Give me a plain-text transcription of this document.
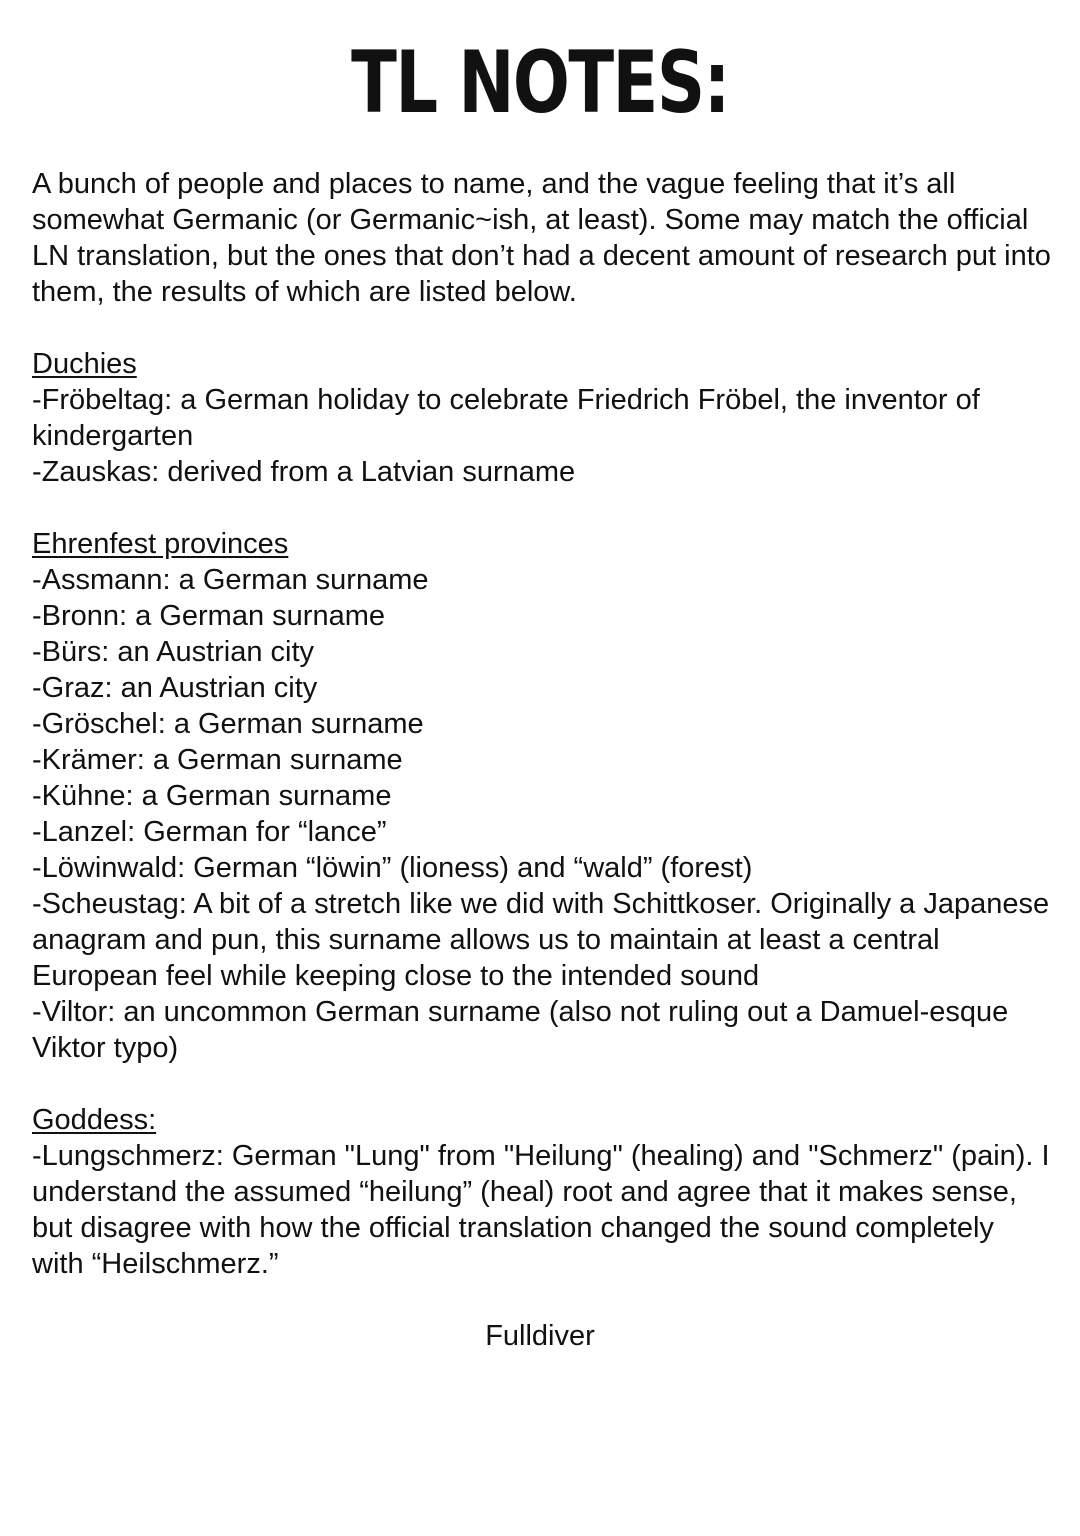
TL NOTES:

A bunch of people and places to name, and the vague feeling that it’s all somewhat Germanic (or Germanic~ish, at least). Some may match the official LN translation, but the ones that don’t had a decent amount of research put into them, the results of which are listed below.

Duchies
-Fröbeltag: a German holiday to celebrate Friedrich Fröbel, the inventor of kindergarten
-Zauskas: derived from a Latvian surname
Ehrenfest provinces
-Assmann: a German surname
-Bronn: a German surname
-Bürs: an Austrian city
-Graz: an Austrian city
-Gröschel: a German surname
-Krämer: a German surname
-Kühne: a German surname
-Lanzel: German for “lance”
-Löwinwald: German “löwin” (lioness) and “wald” (forest)
-Scheustag: A bit of a stretch like we did with Schittkoser. Originally a Japanese anagram and pun, this surname allows us to maintain at least a central European feel while keeping close to the intended sound
-Viltor: an uncommon German surname (also not ruling out a Damuel-esque Viktor typo)
Goddess:
-Lungschmerz: German "Lung" from "Heilung" (healing) and "Schmerz" (pain). I understand the assumed “heilung” (heal) root and agree that it makes sense, but disagree with how the official translation changed the sound completely with “Heilschmerz.”
Fulldiver
